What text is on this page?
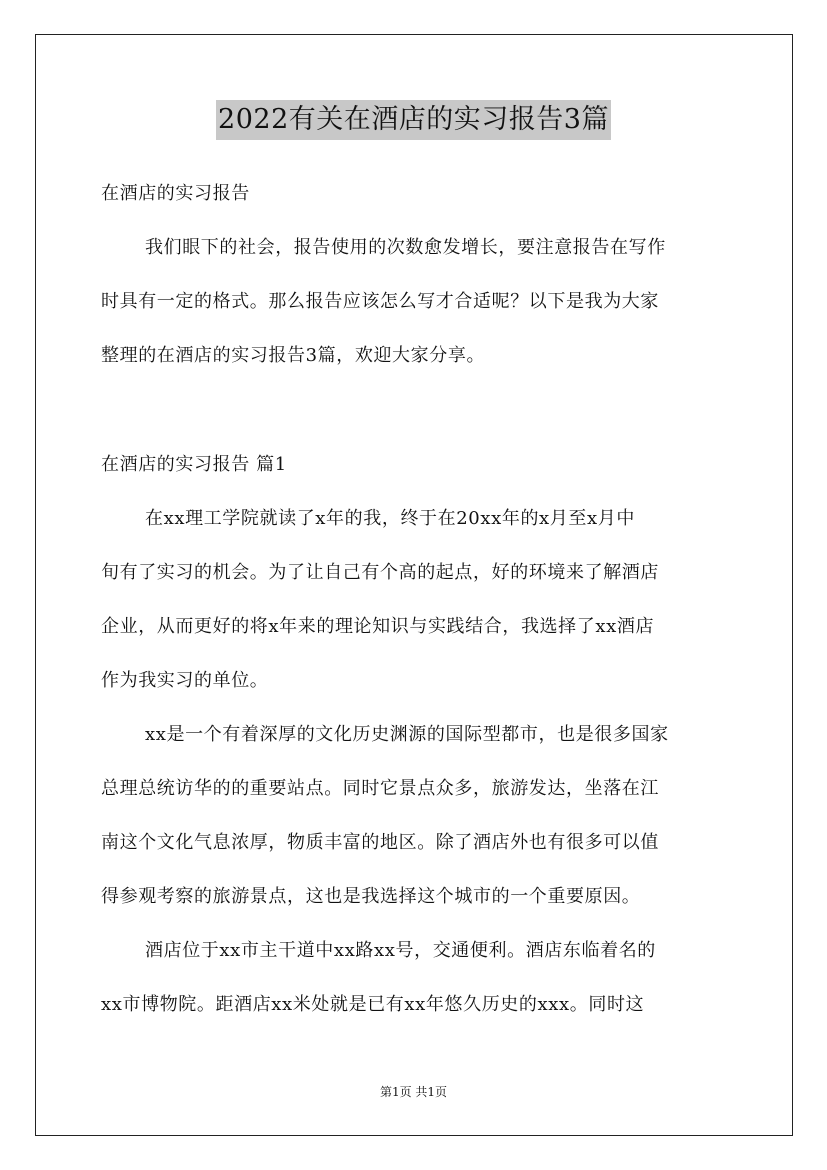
2022有关在酒店的实习报告3篇
在酒店的实习报告
我们眼下的社会，报告使用的次数愈发增长，要注意报告在写作
时具有一定的格式。那么报告应该怎么写才合适呢？以下是我为大家
整理的在酒店的实习报告3篇，欢迎大家分享。
在酒店的实习报告 篇1
在xx理工学院就读了x年的我，终于在20xx年的x月至x月中
旬有了实习的机会。为了让自己有个高的起点，好的环境来了解酒店
企业，从而更好的将x年来的理论知识与实践结合，我选择了xx酒店
作为我实习的单位。
xx是一个有着深厚的文化历史渊源的国际型都市，也是很多国家
总理总统访华的的重要站点。同时它景点众多，旅游发达，坐落在江
南这个文化气息浓厚，物质丰富的地区。除了酒店外也有很多可以值
得参观考察的旅游景点，这也是我选择这个城市的一个重要原因。
酒店位于xx市主干道中xx路xx号，交通便利。酒店东临着名的
xx市博物院。距酒店xx米处就是已有xx年悠久历史的xxx。同时这
第1页 共1页
